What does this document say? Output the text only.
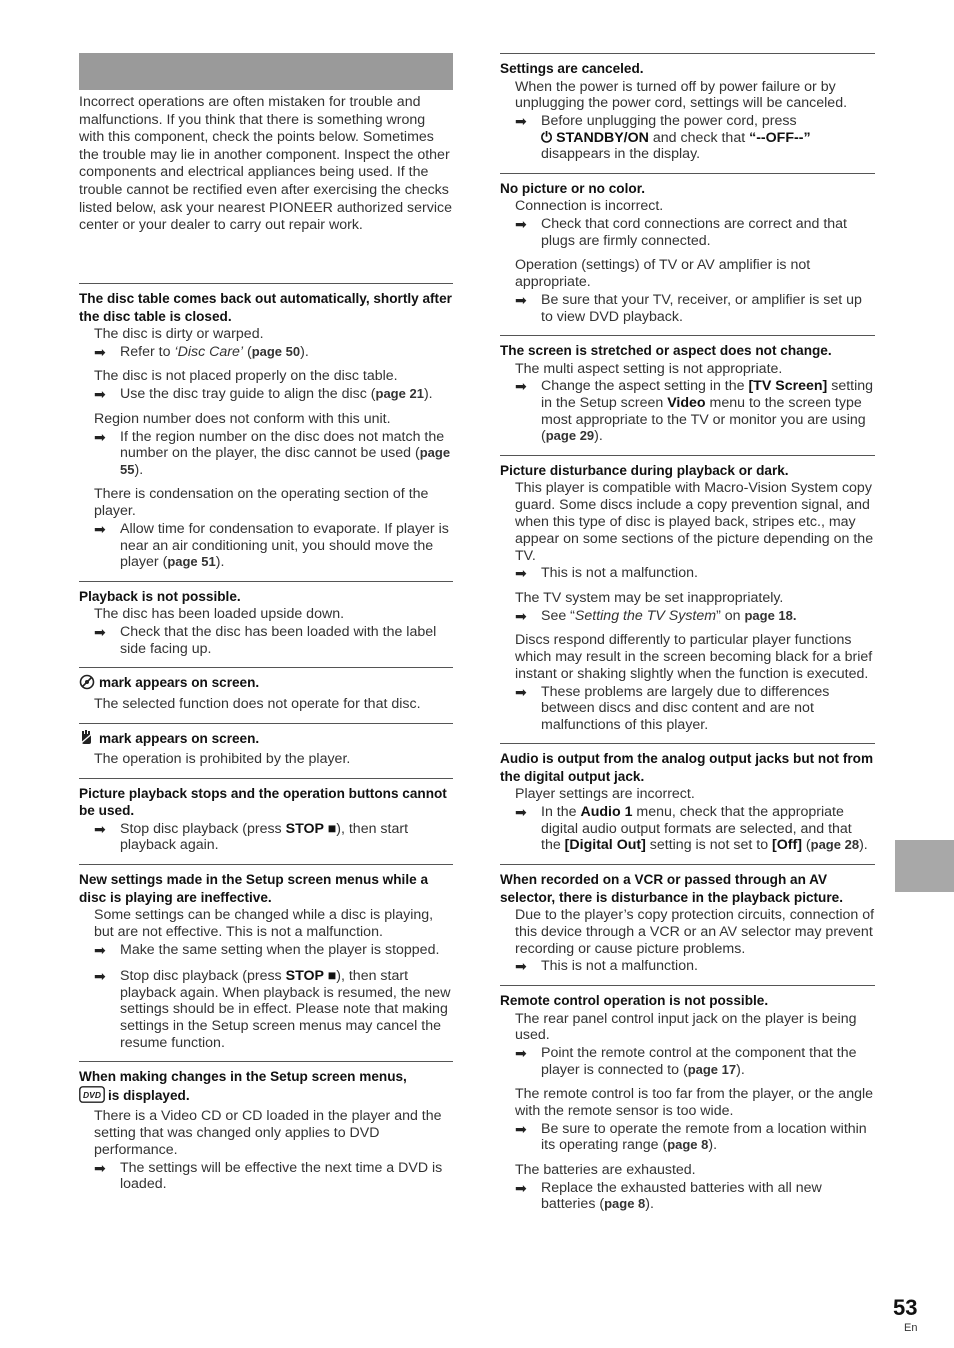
Incorrect operations are often mistaken for trouble and malfunctions. If you think that there is something wrong with this component, check the points below. Sometimes the trouble may lie in another component. Inspect the other components and electrical appliances being used. If the trouble cannot be rectified even after exercising the checks listed below, ask your nearest PIONEER authorized service center or your dealer to carry out repair work.
The disc table comes back out automatically, shortly after the disc table is closed.
The disc is dirty or warped.
➡ Refer to ‘Disc Care’ (page 50).
The disc is not placed properly on the disc table.
➡ Use the disc tray guide to align the disc (page 21).
Region number does not conform with this unit.
➡ If the region number on the disc does not match the number on the player, the disc cannot be used (page 55).
There is condensation on the operating section of the player.
➡ Allow time for condensation to evaporate. If player is near an air conditioning unit, you should move the player (page 51).
Playback is not possible.
The disc has been loaded upside down.
➡ Check that the disc has been loaded with the label side facing up.
mark appears on screen.
The selected function does not operate for that disc.
mark appears on screen.
The operation is prohibited by the player.
Picture playback stops and the operation buttons cannot be used.
➡ Stop disc playback (press STOP ■), then start playback again.
New settings made in the Setup screen menus while a disc is playing are ineffective.
Some settings can be changed while a disc is playing, but are not effective. This is not a malfunction.
➡ Make the same setting when the player is stopped.
➡ Stop disc playback (press STOP ■), then start playback again. When playback is resumed, the new settings should be in effect. Please note that making settings in the Setup screen menus may cancel the resume function.
When making changes in the Setup screen menus,

DVD is displayed.
There is a Video CD or CD loaded in the player and the setting that was changed only applies to DVD performance.
➡ The settings will be effective the next time a DVD is loaded.
Settings are canceled.
When the power is turned off by power failure or by unplugging the power cord, settings will be canceled.
➡ Before unplugging the power cord, press
⏻ STANDBY/ON and check that “--OFF--” disappears in the display.
No picture or no color.
Connection is incorrect.
➡ Check that cord connections are correct and that plugs are firmly connected.
Operation (settings) of TV or AV amplifier is not appropriate.
➡ Be sure that your TV, receiver, or amplifier is set up to view DVD playback.
The screen is stretched or aspect does not change.
The multi aspect setting is not appropriate.
➡ Change the aspect setting in the [TV Screen] setting in the Setup screen Video menu to the screen type most appropriate to the TV or monitor you are using (page 29).
Picture disturbance during playback or dark.
This player is compatible with Macro-Vision System copy guard. Some discs include a copy prevention signal, and when this type of disc is played back, stripes etc., may appear on some sections of the picture depending on the TV.
➡ This is not a malfunction.
The TV system may be set inappropriately.
➡ See “Setting the TV System” on page 18.
Discs respond differently to particular player functions which may result in the screen becoming black for a brief instant or shaking slightly when the function is executed.
➡ These problems are largely due to differences between discs and disc content and are not malfunctions of this player.
Audio is output from the analog output jacks but not from the digital output jack.
Player settings are incorrect.
➡ In the Audio 1 menu, check that the appropriate digital audio output formats are selected, and that the [Digital Out] setting is not set to [Off] (page 28).
When recorded on a VCR or passed through an AV selector, there is disturbance in the playback picture.
Due to the player’s copy protection circuits, connection of this device through a VCR or an AV selector may prevent recording or cause picture problems.
➡ This is not a malfunction.
Remote control operation is not possible.
The rear panel control input jack on the player is being used.
➡ Point the remote control at the component that the player is connected to (page 17).
The remote control is too far from the player, or the angle with the remote sensor is too wide.
➡ Be sure to operate the remote from a location within its operating range (page 8).
The batteries are exhausted.
➡ Replace the exhausted batteries with all new batteries (page 8).
53
En
